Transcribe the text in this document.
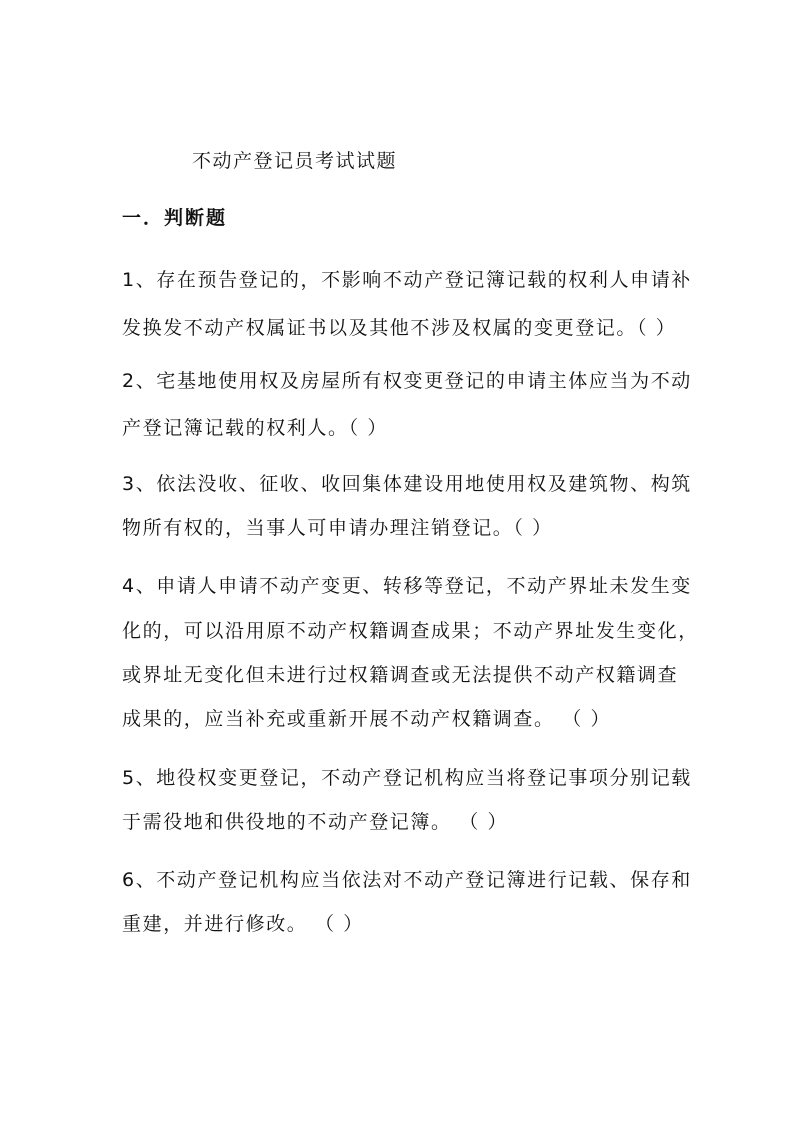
不动产登记员考试试题
一．判断题
1、存在预告登记的，不影响不动产登记簿记载的权利人申请补
发换发不动产权属证书以及其他不涉及权属的变更登记。（ ）
2、宅基地使用权及房屋所有权变更登记的申请主体应当为不动
产登记簿记载的权利人。（ ）
3、依法没收、征收、收回集体建设用地使用权及建筑物、构筑
物所有权的，当事人可申请办理注销登记。（ ）
4、申请人申请不动产变更、转移等登记，不动产界址未发生变
化的，可以沿用原不动产权籍调查成果；不动产界址发生变化，
或界址无变化但未进行过权籍调查或无法提供不动产权籍调查
成果的，应当补充或重新开展不动产权籍调查。 （ ）
5、地役权变更登记，不动产登记机构应当将登记事项分别记载
于需役地和供役地的不动产登记簿。 （ ）
6、不动产登记机构应当依法对不动产登记簿进行记载、保存和
重建，并进行修改。 （ ）
